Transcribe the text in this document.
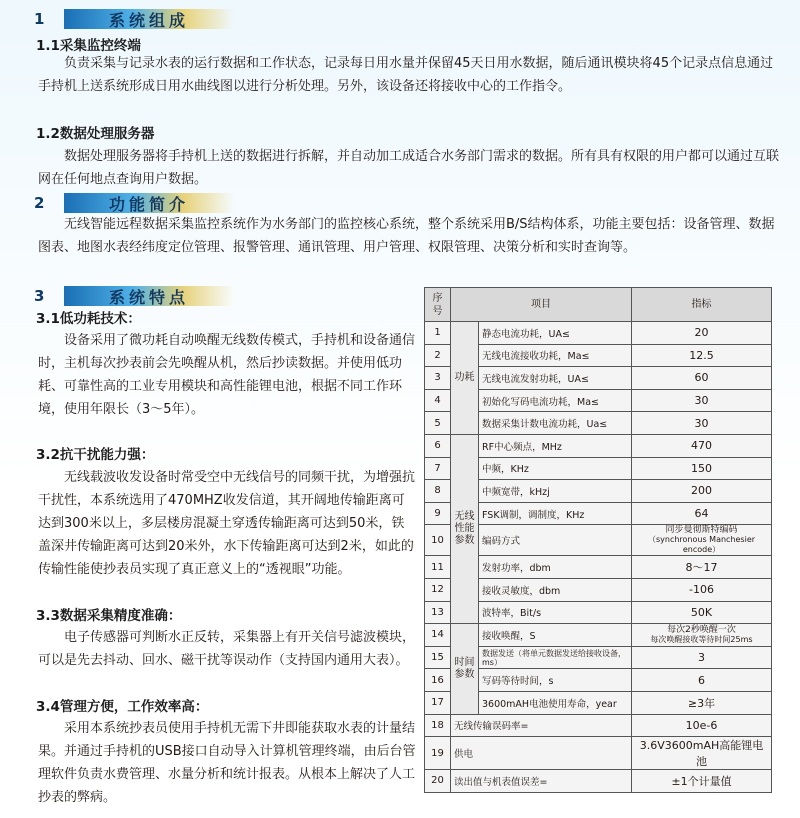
1	系统组成
1.1采集监控终端

负责采集与记录水表的运行数据和工作状态，记录每日用水量并保留45天日用水数据，随后通讯模块将45个记录点信息通过手持机上送系统形成日用水曲线图以进行分析处理。另外，该设备还将接收中心的工作指令。

1.2数据处理服务器

数据处理服务器将手持机上送的数据进行拆解，并自动加工成适合水务部门需求的数据。所有具有权限的用户都可以通过互联网在任何地点查询用户数据。

2	功能简介

无线智能远程数据采集监控系统作为水务部门的监控核心系统，整个系统采用B/S结构体系，功能主要包括：设备管理、数据图表、地图水表经纬度定位管理、报警管理、通讯管理、用户管理、权限管理、决策分析和实时查询等。

3	系统特点
3.1低功耗技术：

设备采用了微功耗自动唤醒无线数传模式，手持机和设备通信时，主机每次抄表前会先唤醒从机，然后抄读数据。并使用低功耗、可靠性高的工业专用模块和高性能锂电池，根据不同工作环境，使用年限长（3～5年）。

3.2抗干扰能力强：

无线载波收发设备时常受空中无线信号的同频干扰，为增强抗干扰性，本系统选用了470MHZ收发信道，其开阔地传输距离可达到300米以上，多层楼房混凝土穿透传输距离可达到50米，铁盖深井传输距离可达到20米外，水下传输距离可达到2米，如此的传输性能使抄表员实现了真正意义上的“透视眼”功能。

3.3数据采集精度准确：

电子传感器可判断水正反转，采集器上有开关信号滤波模块，可以是先去抖动、回水、磁干扰等误动作（支持国内通用大表）。

3.4管理方便，工作效率高：

采用本系统抄表员使用手持机无需下井即能获取水表的计量结果。并通过手持机的USB接口自动导入计算机管理终端，由后台管理软件负责水费管理、水量分析和统计报表。从根本上解决了人工抄表的弊病。

序号	项目		指标
1	功耗	静态电流功耗，UA≤	20

2		无线电流接收功耗，Ma≤	12.5

3		无线电流发射功耗，UA≤	60

4		初始化写码电流功耗，Ma≤	30

5		数据采集计数电流功耗，Ua≤	30

6	无线性能参数	RF中心频点，MHz	470

7		中频，KHz	150

8		中频宽带，kHzj	200

9		FSK调制，调制度，KHz	64

10		编码方式	同步曼彻斯特编码
（synchronous Manchesier encode）

11		发射功率，dbm	8～17

12		接收灵敏度，dbm	-106

13		波特率，Bit/s	50K

14	时间参数	接收唤醒，S	每次2秒唤醒一次
每次唤醒接收等待时间25ms

15		数据发送（将单元数据发送给接收设备，ms）	3

16		写码等待时间，s	6

17		3600mAH电池使用寿命，year	≥3年

18	无线传输误码率=		10e-6

19	供电		3.6V3600mAH高能锂电池

20	读出值与机表值误差=		±1个计量值
